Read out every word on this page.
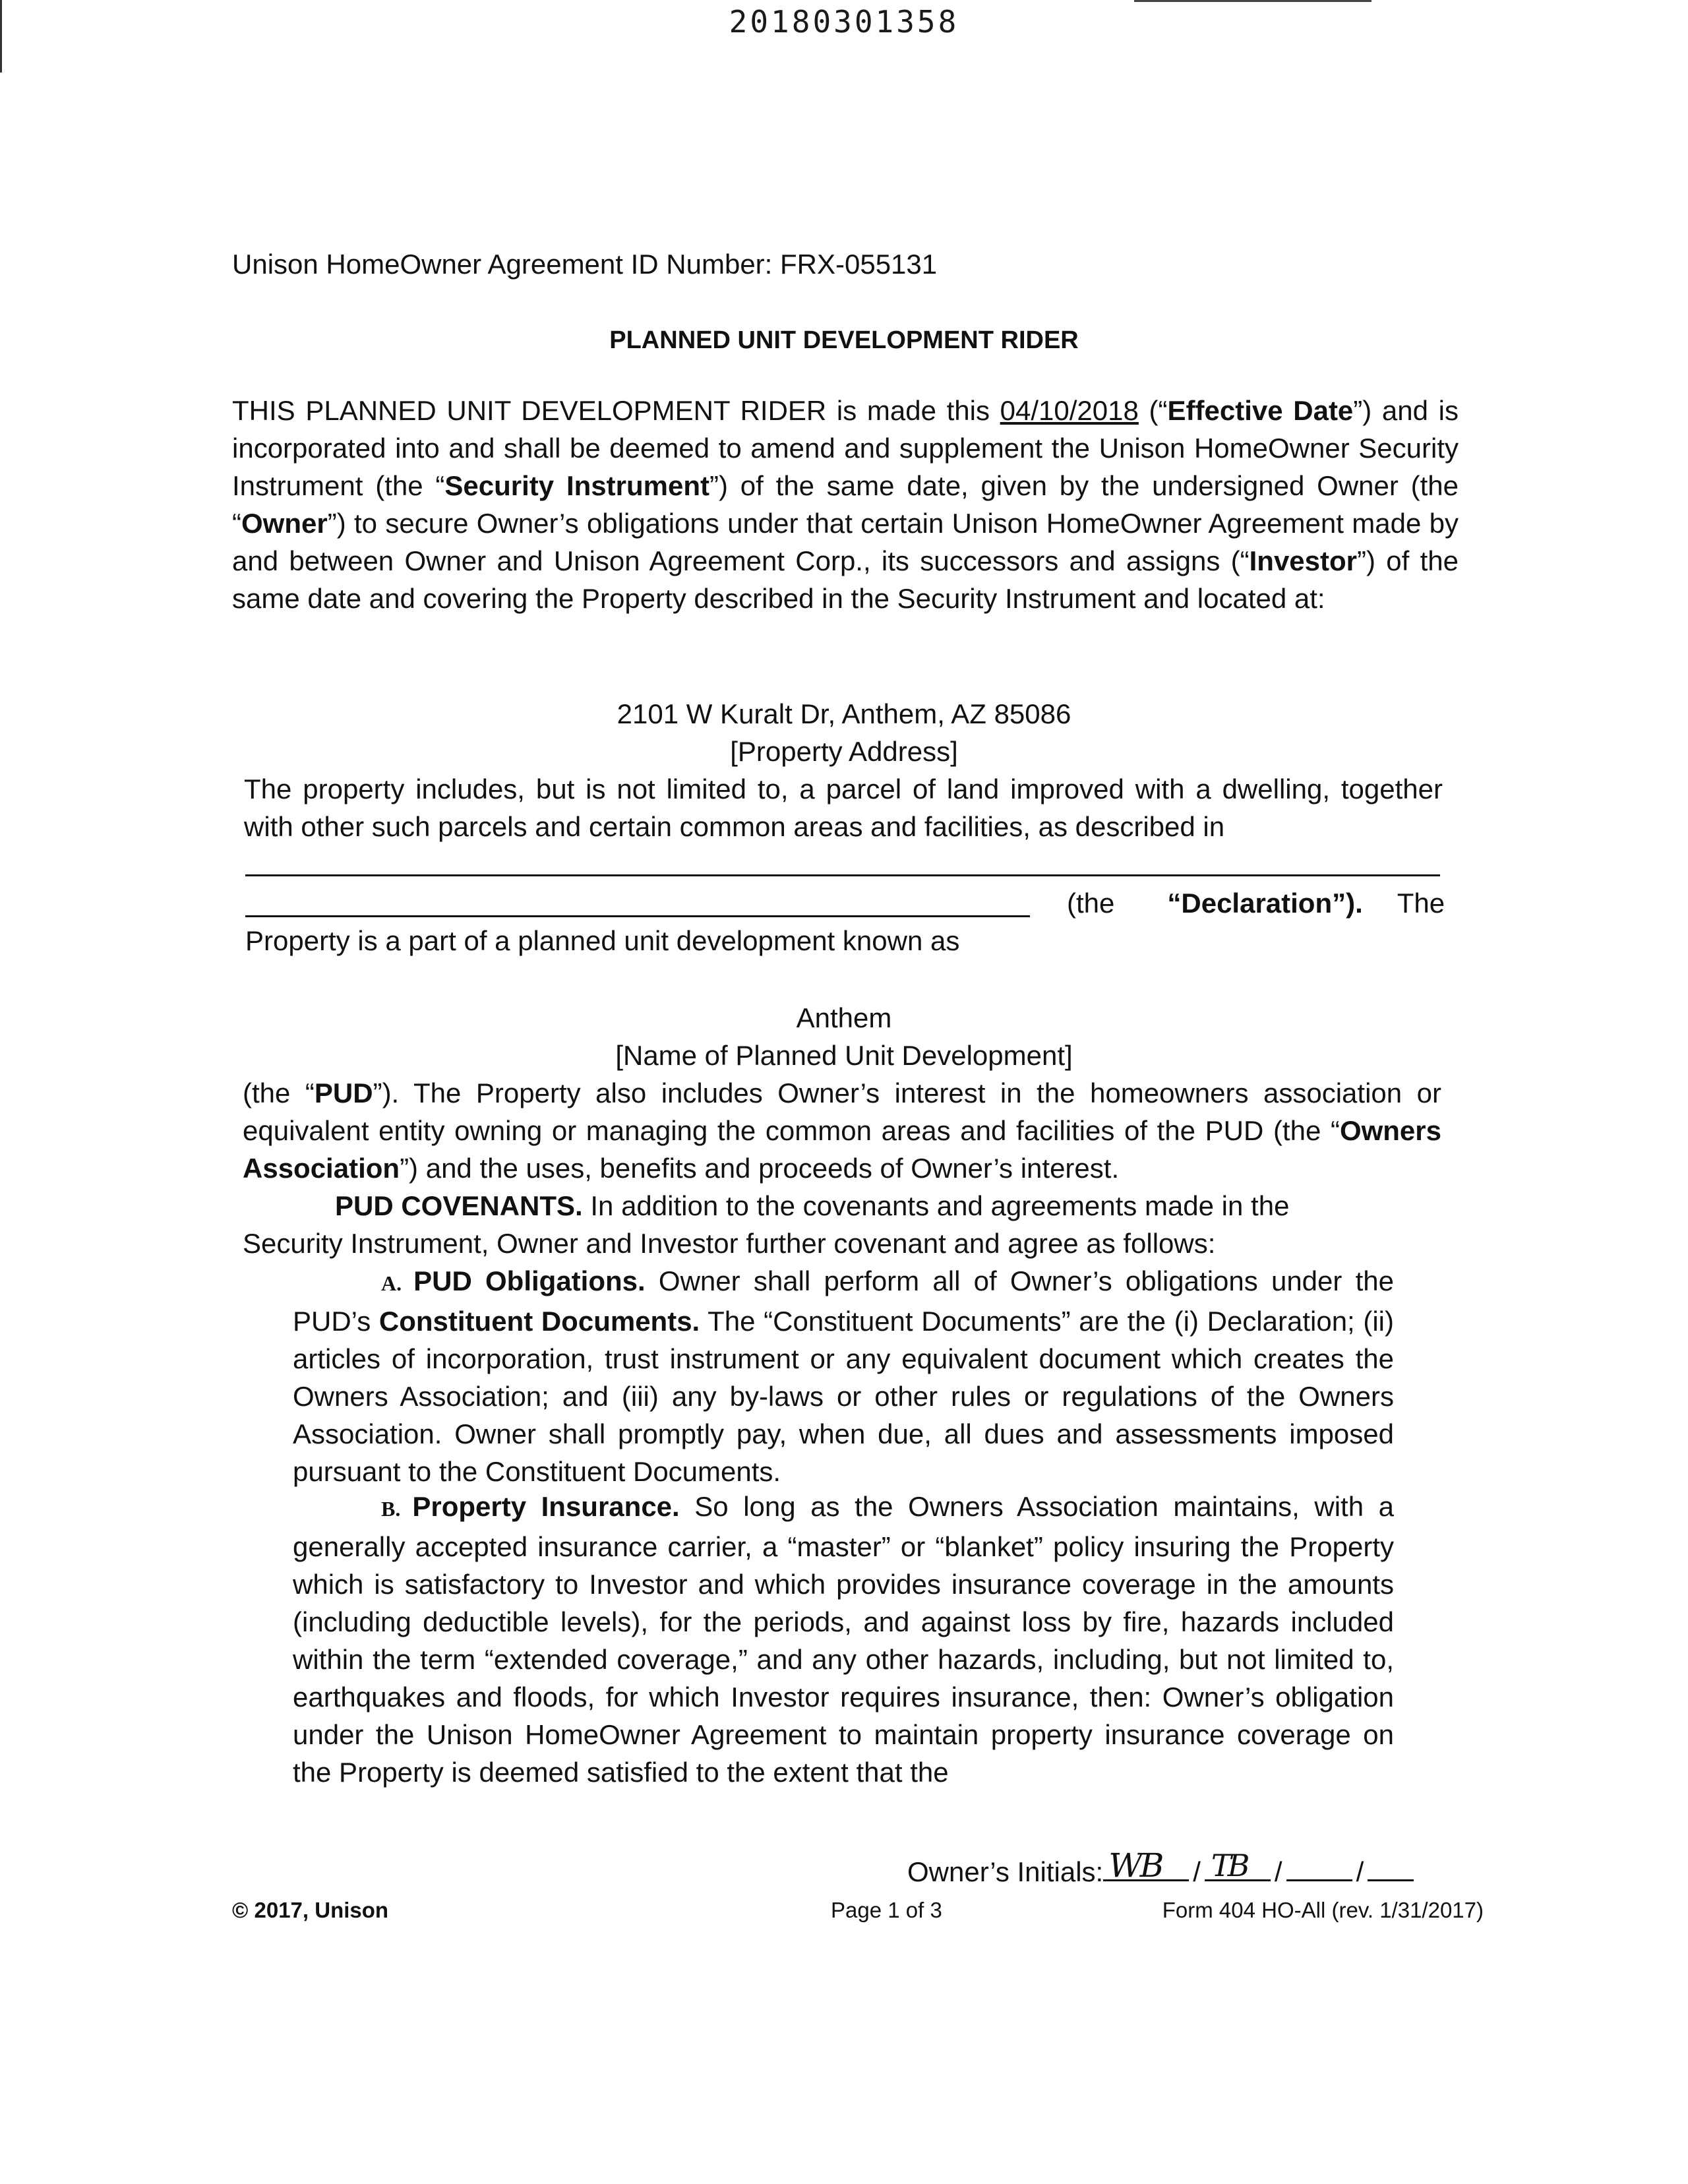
20180301358
Unison HomeOwner Agreement ID Number: FRX-055131
PLANNED UNIT DEVELOPMENT RIDER
THIS PLANNED UNIT DEVELOPMENT RIDER is made this 04/10/2018 (“Effective Date”) and is incorporated into and shall be deemed to amend and supplement the Unison HomeOwner Security Instrument (the “Security Instrument”) of the same date, given by the undersigned Owner (the “Owner”) to secure Owner’s obligations under that certain Unison HomeOwner Agreement made by and between Owner and Unison Agreement Corp., its successors and assigns (“Investor”) of the same date and covering the Property described in the Security Instrument and located at:
2101 W Kuralt Dr, Anthem, AZ 85086
[Property Address]
The property includes, but is not limited to, a parcel of land improved with a dwelling, together with other such parcels and certain common areas and facilities, as described in
(the “Declaration”). The
Property is a part of a planned unit development known as
Anthem
[Name of Planned Unit Development]
(the “PUD”). The Property also includes Owner’s interest in the homeowners association or equivalent entity owning or managing the common areas and facilities of the PUD (the “Owners Association”) and the uses, benefits and proceeds of Owner’s interest.
PUD COVENANTS. In addition to the covenants and agreements made in the Security Instrument, Owner and Investor further covenant and agree as follows:
A. PUD Obligations. Owner shall perform all of Owner’s obligations under the PUD’s Constituent Documents. The “Constituent Documents” are the (i) Declaration; (ii) articles of incorporation, trust instrument or any equivalent document which creates the Owners Association; and (iii) any by-laws or other rules or regulations of the Owners Association. Owner shall promptly pay, when due, all dues and assessments imposed pursuant to the Constituent Documents.
B. Property Insurance. So long as the Owners Association maintains, with a generally accepted insurance carrier, a “master” or “blanket” policy insuring the Property which is satisfactory to Investor and which provides insurance coverage in the amounts (including deductible levels), for the periods, and against loss by fire, hazards included within the term “extended coverage,” and any other hazards, including, but not limited to, earthquakes and floods, for which Investor requires insurance, then: Owner’s obligation under the Unison HomeOwner Agreement to maintain property insurance coverage on the Property is deemed satisfied to the extent that the
Owner’s Initials: WB / TB /	/
© 2017, Unison	Page 1 of 3	Form 404 HO-All (rev. 1/31/2017)
